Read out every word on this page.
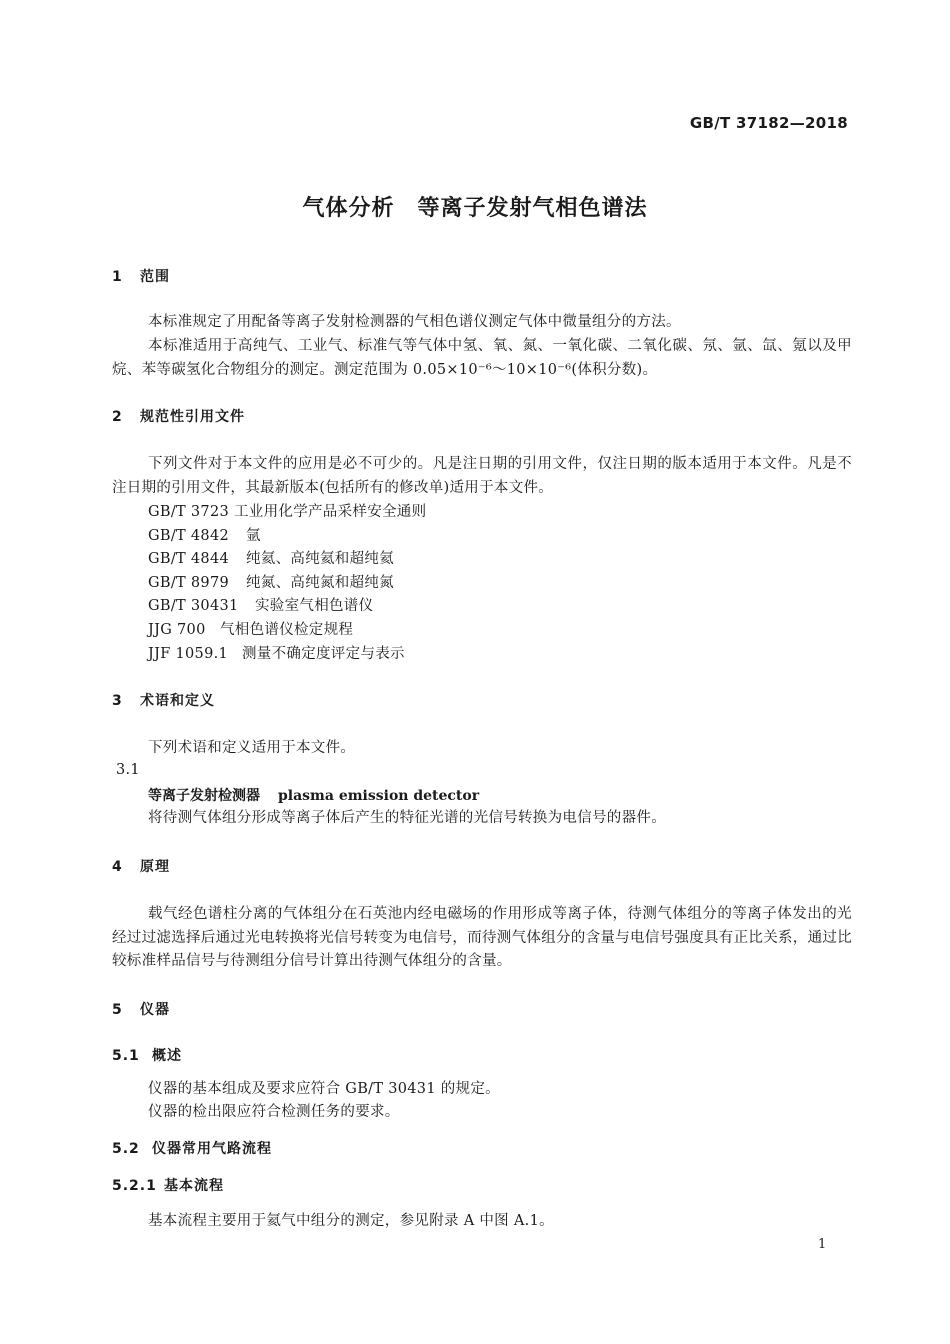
GB/T 37182—2018
气体分析　等离子发射气相色谱法
1 范围
本标准规定了用配备等离子发射检测器的气相色谱仪测定气体中微量组分的方法。
本标准适用于高纯气、工业气、标准气等气体中氢、氧、氮、一氧化碳、二氧化碳、氖、氩、氙、氪以及甲烷、苯等碳氢化合物组分的测定。测定范围为 0.05×10⁻⁶～10×10⁻⁶(体积分数)。
2 规范性引用文件
下列文件对于本文件的应用是必不可少的。凡是注日期的引用文件，仅注日期的版本适用于本文件。凡是不注日期的引用文件，其最新版本(包括所有的修改单)适用于本文件。
GB/T 3723 工业用化学产品采样安全通则
GB/T 4842 氩
GB/T 4844 纯氦、高纯氦和超纯氦
GB/T 8979 纯氮、高纯氮和超纯氮
GB/T 30431 实验室气相色谱仪
JJG 700 气相色谱仪检定规程
JJF 1059.1 测量不确定度评定与表示
3 术语和定义
下列术语和定义适用于本文件。
3.1
等离子发射检测器 plasma emission detector
将待测气体组分形成等离子体后产生的特征光谱的光信号转换为电信号的器件。
4 原理
载气经色谱柱分离的气体组分在石英池内经电磁场的作用形成等离子体，待测气体组分的等离子体发出的光经过过滤选择后通过光电转换将光信号转变为电信号，而待测气体组分的含量与电信号强度具有正比关系，通过比较标准样品信号与待测组分信号计算出待测气体组分的含量。
5 仪器
5.1 概述
仪器的基本组成及要求应符合 GB/T 30431 的规定。
仪器的检出限应符合检测任务的要求。
5.2 仪器常用气路流程
5.2.1 基本流程
基本流程主要用于氦气中组分的测定，参见附录 A 中图 A.1。
1
